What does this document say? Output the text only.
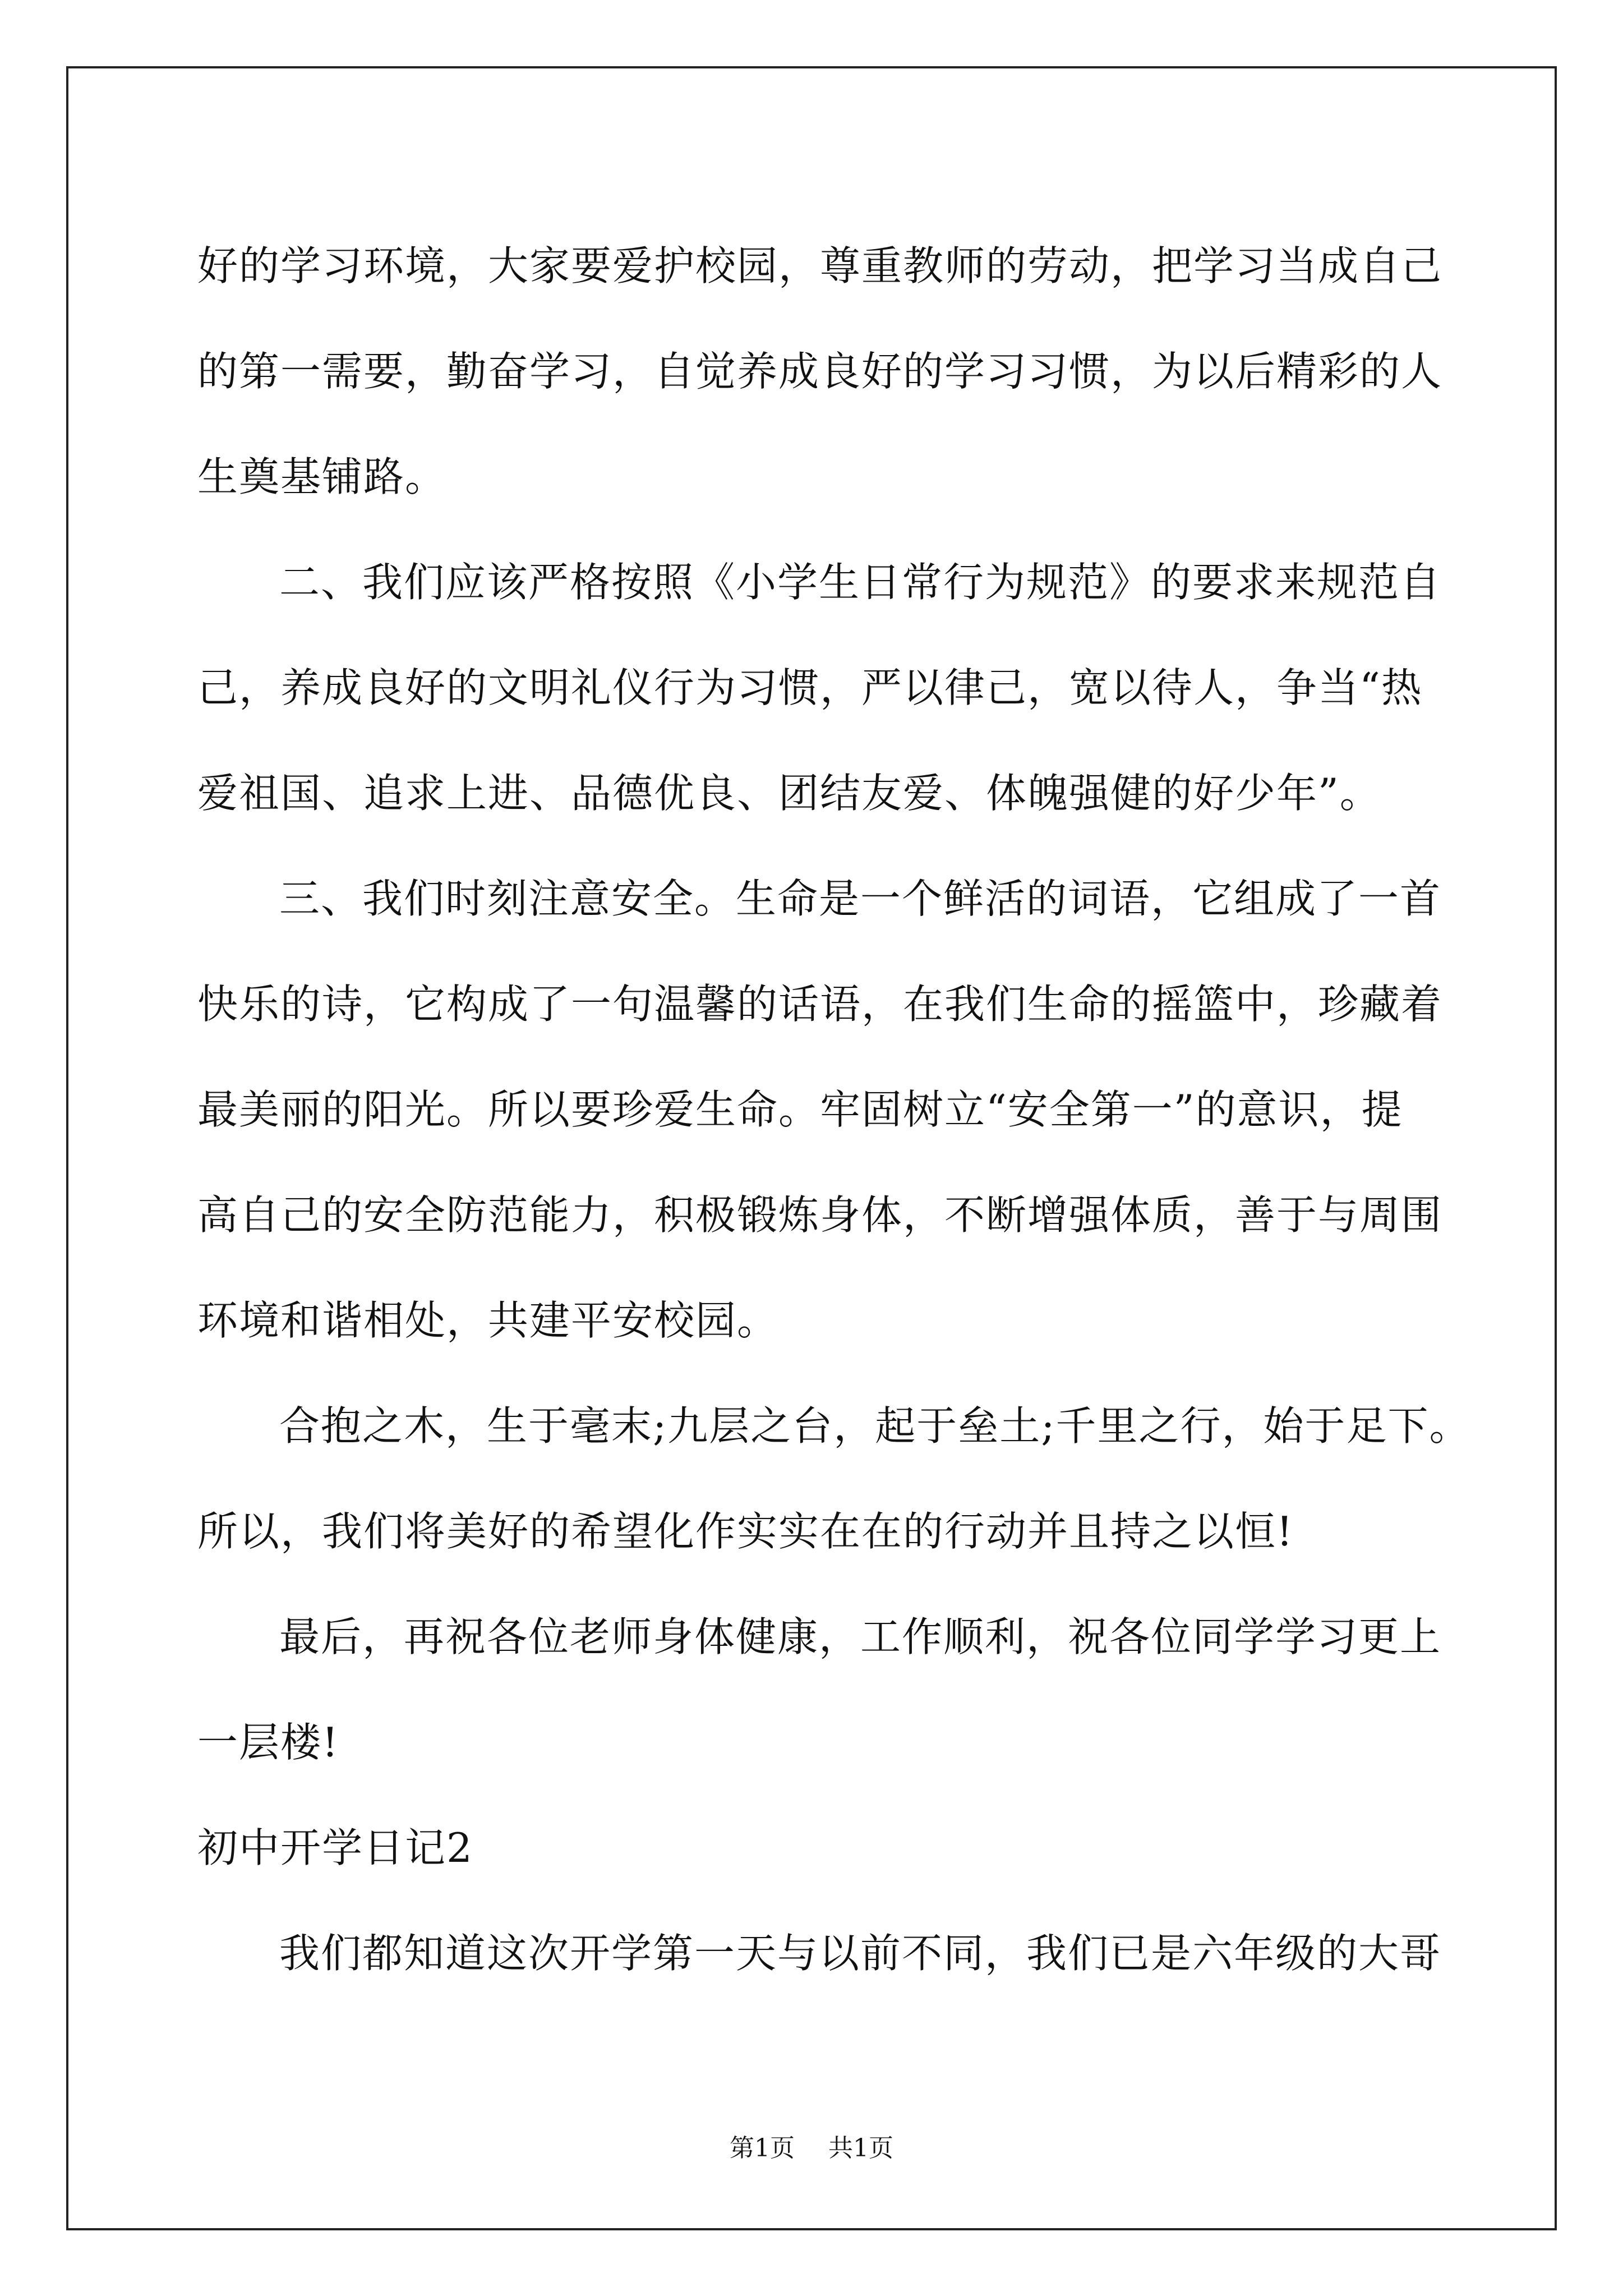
好的学习环境，大家要爱护校园，尊重教师的劳动，把学习当成自己
的第一需要，勤奋学习，自觉养成良好的学习习惯，为以后精彩的人
生奠基铺路。
二、我们应该严格按照《小学生日常行为规范》的要求来规范自
己，养成良好的文明礼仪行为习惯，严以律己，宽以待人，争当“热
爱祖国、追求上进、品德优良、团结友爱、体魄强健的好少年”。
三、我们时刻注意安全。生命是一个鲜活的词语，它组成了一首
快乐的诗，它构成了一句温馨的话语，在我们生命的摇篮中，珍藏着
最美丽的阳光。所以要珍爱生命。牢固树立“安全第一”的意识，提
高自己的安全防范能力，积极锻炼身体，不断增强体质，善于与周围
环境和谐相处，共建平安校园。
合抱之木，生于毫末;九层之台，起于垒土;千里之行，始于足下。
所以，我们将美好的希望化作实实在在的行动并且持之以恒!
最后，再祝各位老师身体健康，工作顺利，祝各位同学学习更上
一层楼!
初中开学日记2
我们都知道这次开学第一天与以前不同，我们已是六年级的大哥
第1页 共1页
